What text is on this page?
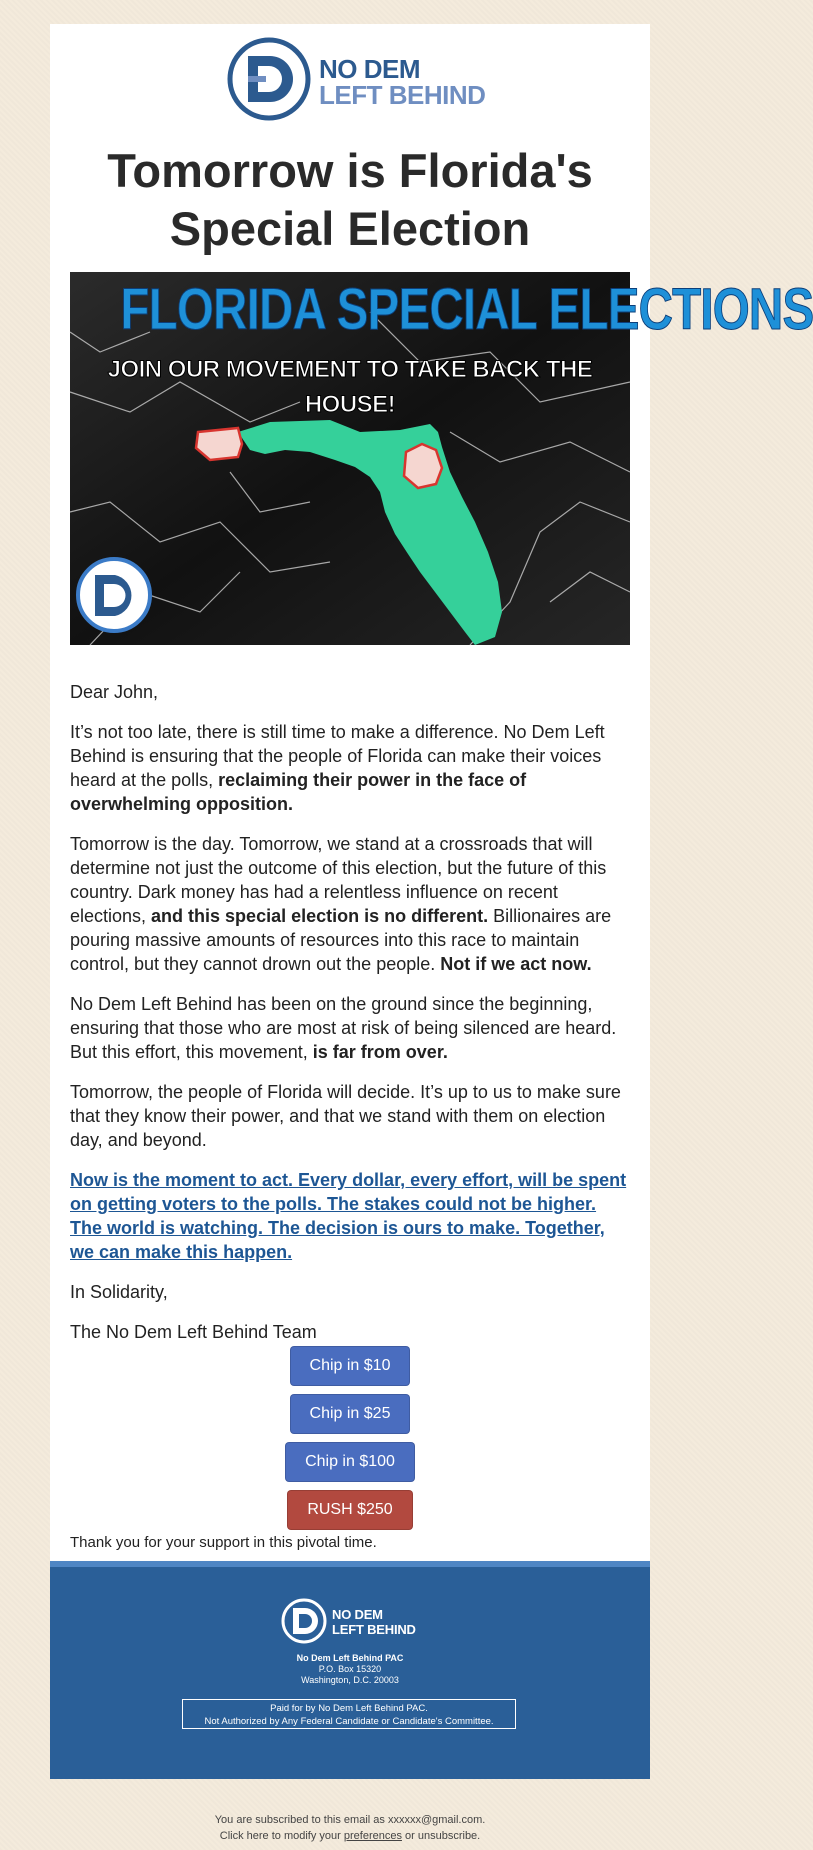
NO DEM
LEFT BEHIND
Tomorrow is Florida's
Special Election
FLORIDA SPECIAL ELECTIONS
JOIN OUR MOVEMENT TO TAKE BACK THE HOUSE!
Dear John,
It’s not too late, there is still time to make a difference. No Dem Left Behind is ensuring that the people of Florida can make their voices heard at the polls, reclaiming their power in the face of overwhelming opposition.
Tomorrow is the day. Tomorrow, we stand at a crossroads that will determine not just the outcome of this election, but the future of this country. Dark money has had a relentless influence on recent elections, and this special election is no different. Billionaires are pouring massive amounts of resources into this race to maintain control, but they cannot drown out the people. Not if we act now.
No Dem Left Behind has been on the ground since the beginning, ensuring that those who are most at risk of being silenced are heard. But this effort, this movement, is far from over.
Tomorrow, the people of Florida will decide. It’s up to us to make sure that they know their power, and that we stand with them on election day, and beyond.
Now is the moment to act. Every dollar, every effort, will be spent on getting voters to the polls. The stakes could not be higher. The world is watching. The decision is ours to make. Together, we can make this happen.
In Solidarity,
The No Dem Left Behind Team
Chip in $10
Chip in $25
Chip in $100
RUSH $250
Thank you for your support in this pivotal time.
NO DEM
LEFT BEHIND
No Dem Left Behind PAC
P.O. Box 15320
Washington, D.C. 20003
Paid for by No Dem Left Behind PAC.
Not Authorized by Any Federal Candidate or Candidate's Committee.
You are subscribed to this email as xxxxxx@gmail.com.
Click here to modify your preferences or unsubscribe.
